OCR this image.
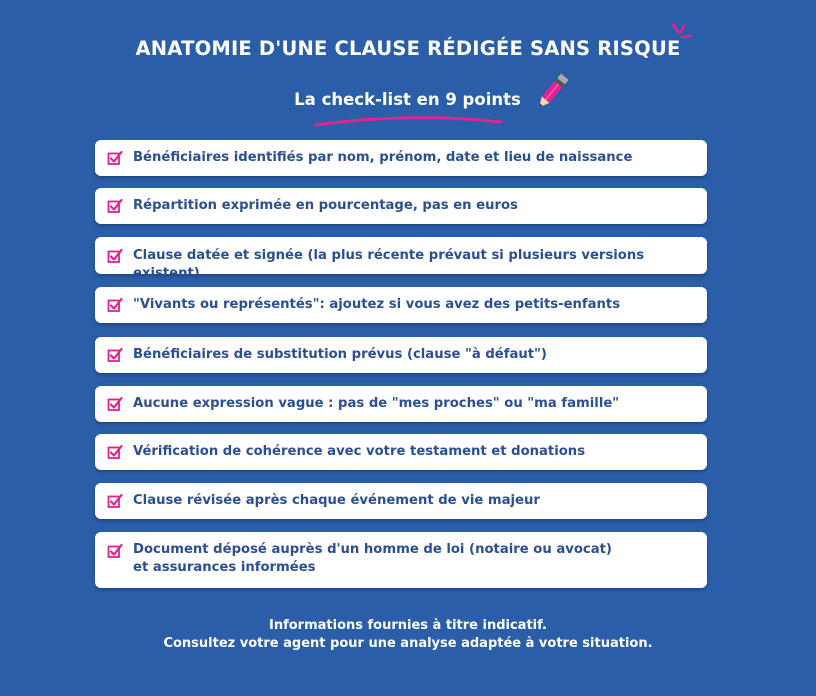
ANATOMIE D'UNE CLAUSE RÉDIGÉE SANS RISQUE
La check-list en 9 points
Bénéficiaires identifiés par nom, prénom, date et lieu de naissance
Répartition exprimée en pourcentage, pas en euros
Clause datée et signée (la plus récente prévaut si plusieurs versions existent)
"Vivants ou représentés": ajoutez si vous avez des petits-enfants
Bénéficiaires de substitution prévus (clause "à défaut")
Aucune expression vague : pas de "mes proches" ou "ma famille"
Vérification de cohérence avec votre testament et donations
Clause révisée après chaque événement de vie majeur
Document déposé auprès d'un homme de loi (notaire ou avocat)
et assurances informées
Informations fournies à titre indicatif.
Consultez votre agent pour une analyse adaptée à votre situation.
